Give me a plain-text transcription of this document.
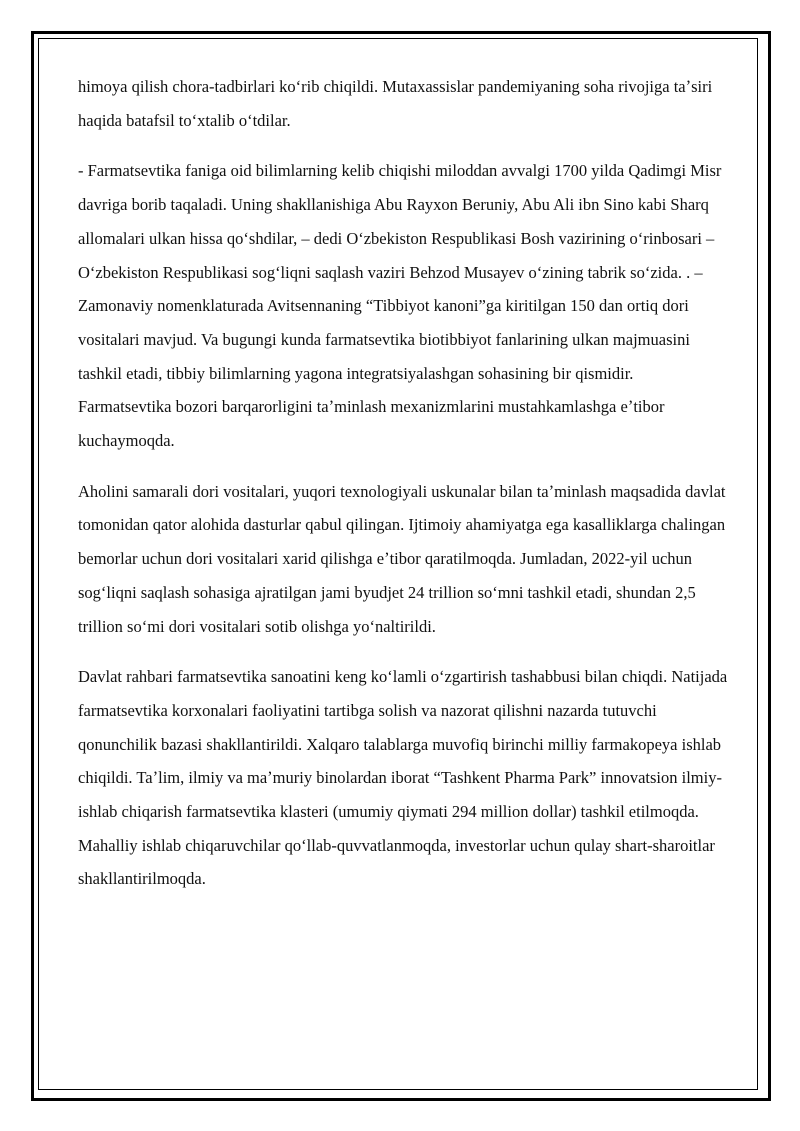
himoya qilish chora-tadbirlari koʻrib chiqildi. Mutaxassislar pandemiyaning soha rivojiga taʼsiri haqida batafsil toʻxtalib oʻtdilar.

- Farmatsevtika faniga oid bilimlarning kelib chiqishi miloddan avvalgi 1700 yilda Qadimgi Misr davriga borib taqaladi. Uning shakllanishiga Abu Rayxon Beruniy, Abu Ali ibn Sino kabi Sharq allomalari ulkan hissa qoʻshdilar, – dedi Oʻzbekiston Respublikasi Bosh vazirining oʻrinbosari – Oʻzbekiston Respublikasi sogʻliqni saqlash vaziri Behzod Musayev oʻzining tabrik soʻzida. . – Zamonaviy nomenklaturada Avitsennaning “Tibbiyot kanoni”ga kiritilgan 150 dan ortiq dori vositalari mavjud. Va bugungi kunda farmatsevtika biotibbiyot fanlarining ulkan majmuasini tashkil etadi, tibbiy bilimlarning yagona integratsiyalashgan sohasining bir qismidir. Farmatsevtika bozori barqarorligini taʼminlash mexanizmlarini mustahkamlashga eʼtibor kuchaymoqda.

Aholini samarali dori vositalari, yuqori texnologiyali uskunalar bilan taʼminlash maqsadida davlat tomonidan qator alohida dasturlar qabul qilingan. Ijtimoiy ahamiyatga ega kasalliklarga chalingan bemorlar uchun dori vositalari xarid qilishga eʼtibor qaratilmoqda. Jumladan, 2022-yil uchun sogʻliqni saqlash sohasiga ajratilgan jami byudjet 24 trillion soʻmni tashkil etadi, shundan 2,5 trillion soʻmi dori vositalari sotib olishga yoʻnaltirildi.

Davlat rahbari farmatsevtika sanoatini keng koʻlamli oʻzgartirish tashabbusi bilan chiqdi. Natijada farmatsevtika korxonalari faoliyatini tartibga solish va nazorat qilishni nazarda tutuvchi qonunchilik bazasi shakllantirildi. Xalqaro talablarga muvofiq birinchi milliy farmakopeya ishlab chiqildi. Taʼlim, ilmiy va maʼmuriy binolardan iborat “Tashkent Pharma Park” innovatsion ilmiy-ishlab chiqarish farmatsevtika klasteri (umumiy qiymati 294 million dollar) tashkil etilmoqda. Mahalliy ishlab chiqaruvchilar qoʻllab-quvvatlanmoqda, investorlar uchun qulay shart-sharoitlar shakllantirilmoqda.
